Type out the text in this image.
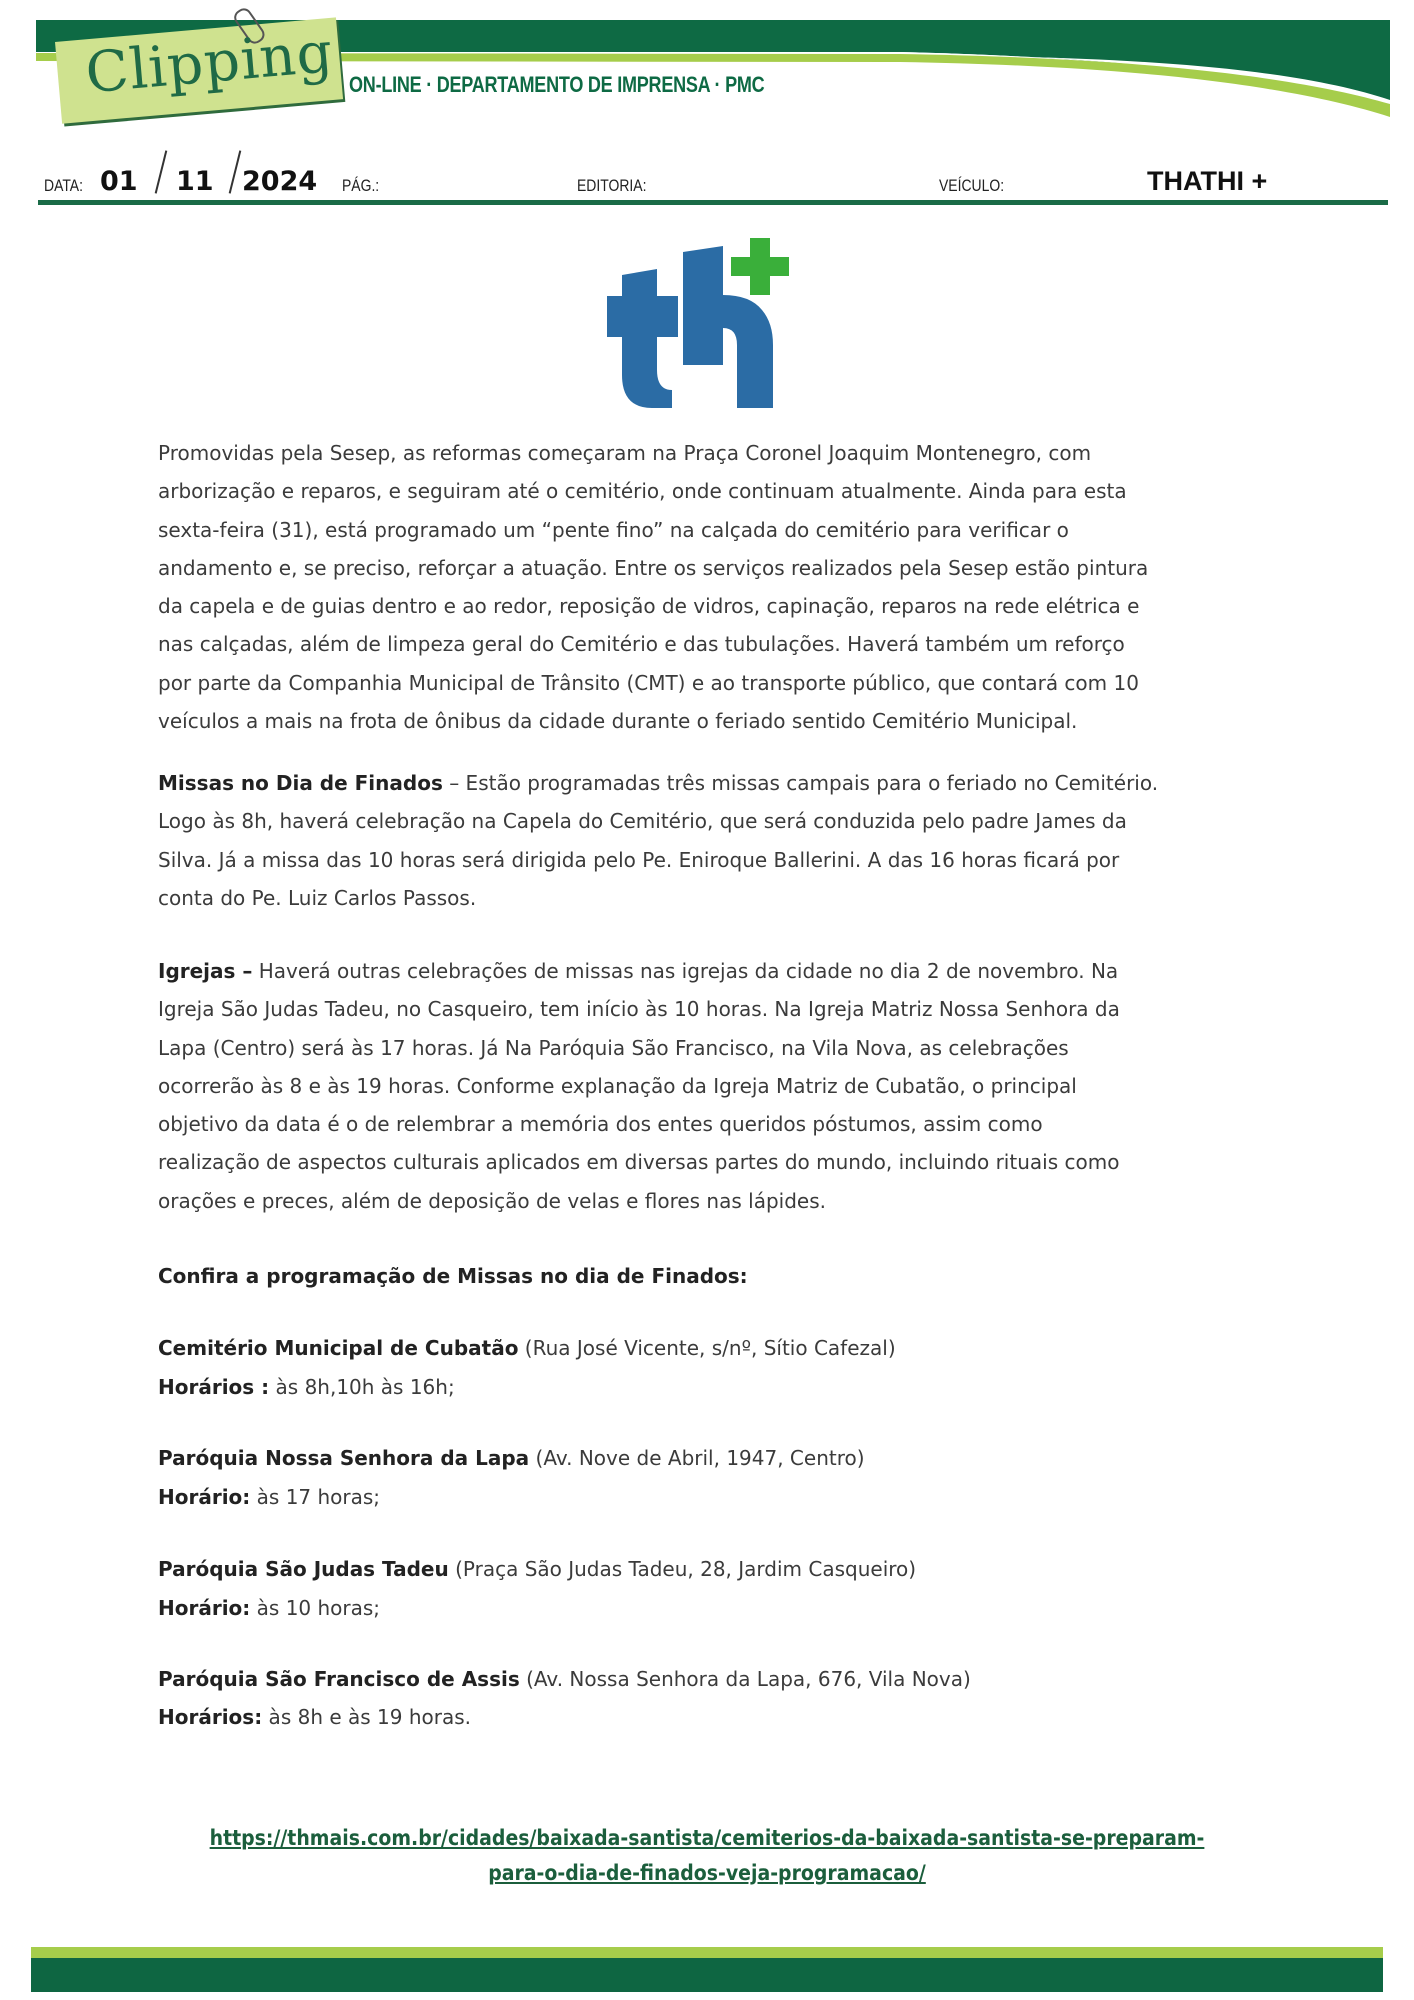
Clipping ON-LINE · DEPARTAMENTO DE IMPRENSA · PMC
DATA: 01 11 2024 PÁG.:	EDITORIA:	VEÍCULO:	THATHI +

Promovidas pela Sesep, as reformas começaram na Praça Coronel Joaquim Montenegro, com

arborização e reparos, e seguiram até o cemitério, onde continuam atualmente. Ainda para esta

sexta-feira (31), está programado um “pente fino” na calçada do cemitério para verificar o

andamento e, se preciso, reforçar a atuação. Entre os serviços realizados pela Sesep estão pintura

da capela e de guias dentro e ao redor, reposição de vidros, capinação, reparos na rede elétrica e

nas calçadas, além de limpeza geral do Cemitério e das tubulações. Haverá também um reforço

por parte da Companhia Municipal de Trânsito (CMT) e ao transporte público, que contará com 10

veículos a mais na frota de ônibus da cidade durante o feriado sentido Cemitério Municipal.

Missas no Dia de Finados – Estão programadas três missas campais para o feriado no Cemitério.

Logo às 8h, haverá celebração na Capela do Cemitério, que será conduzida pelo padre James da

Silva. Já a missa das 10 horas será dirigida pelo Pe. Eniroque Ballerini. A das 16 horas ficará por

conta do Pe. Luiz Carlos Passos.

Igrejas – Haverá outras celebrações de missas nas igrejas da cidade no dia 2 de novembro. Na

Igreja São Judas Tadeu, no Casqueiro, tem início às 10 horas. Na Igreja Matriz Nossa Senhora da

Lapa (Centro) será às 17 horas. Já Na Paróquia São Francisco, na Vila Nova, as celebrações

ocorrerão às 8 e às 19 horas. Conforme explanação da Igreja Matriz de Cubatão, o principal

objetivo da data é o de relembrar a memória dos entes queridos póstumos, assim como

realização de aspectos culturais aplicados em diversas partes do mundo, incluindo rituais como

orações e preces, além de deposição de velas e flores nas lápides.

Confira a programação de Missas no dia de Finados:
Cemitério Municipal de Cubatão (Rua José Vicente, s/nº, Sítio Cafezal)
Horários : às 8h,10h às 16h;
Paróquia Nossa Senhora da Lapa (Av. Nove de Abril, 1947, Centro)
Horário: às 17 horas;
Paróquia São Judas Tadeu (Praça São Judas Tadeu, 28, Jardim Casqueiro)
Horário: às 10 horas;
Paróquia São Francisco de Assis (Av. Nossa Senhora da Lapa, 676, Vila Nova)
Horários: às 8h e às 19 horas.
https://thmais.com.br/cidades/baixada-santista/cemiterios-da-baixada-santista-se-preparam-
para-o-dia-de-finados-veja-programacao/
